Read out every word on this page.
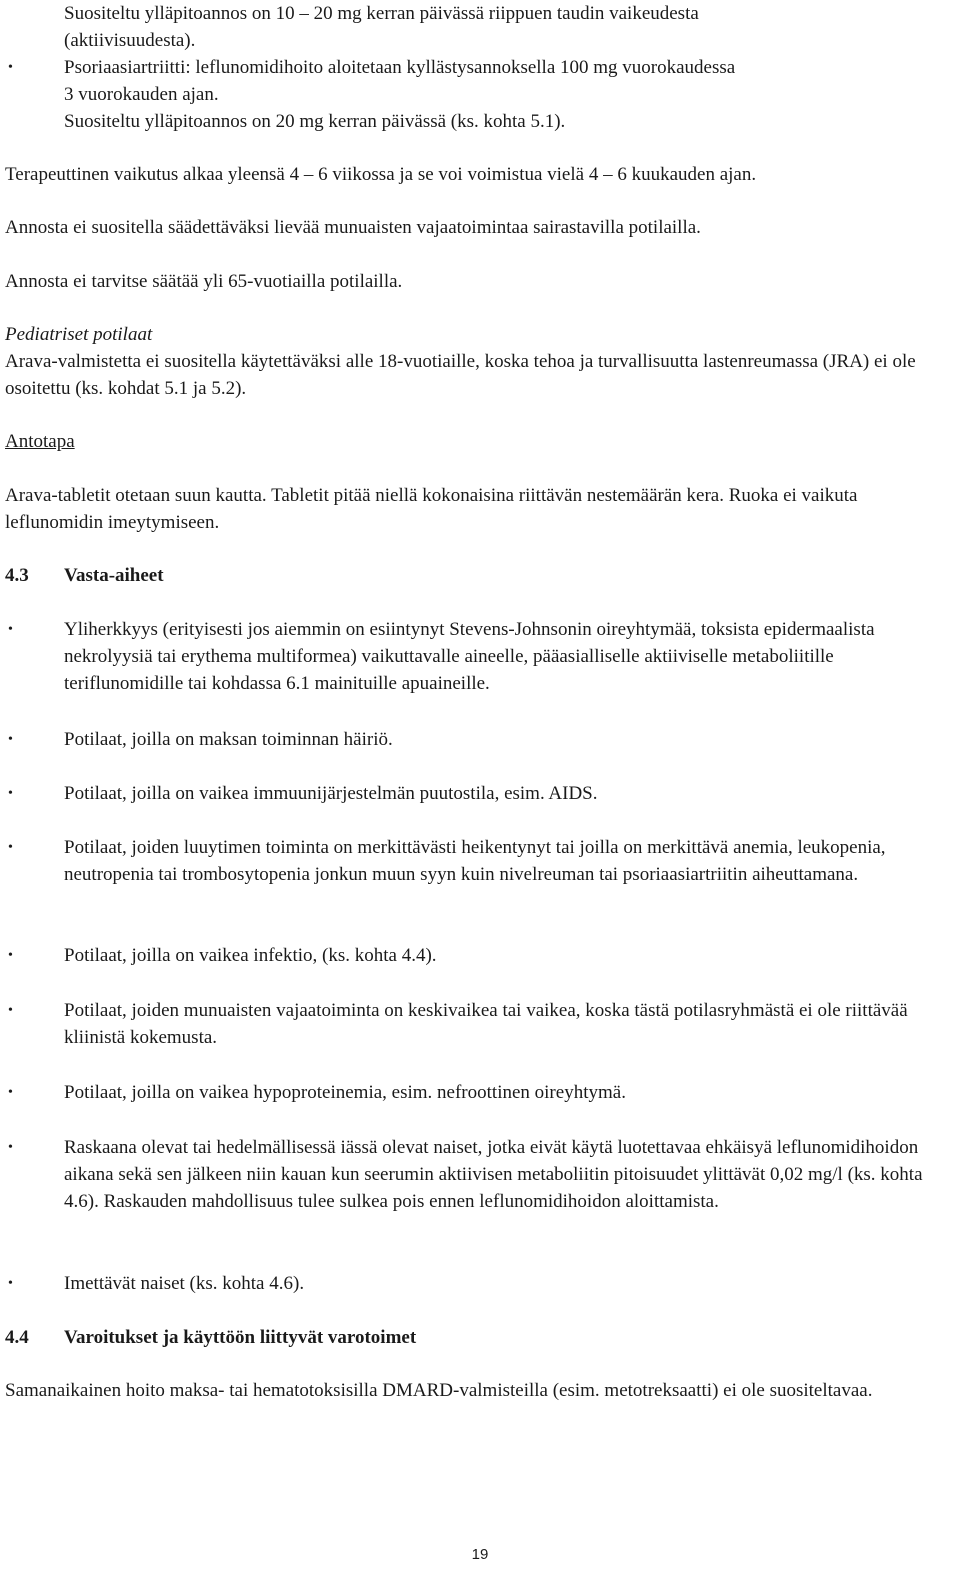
Suositeltu ylläpitoannos on 10 – 20 mg kerran päivässä riippuen taudin vaikeudesta
(aktiivisuudesta).
•	Psoriaasiartriitti: leflunomidihoito aloitetaan kyllästysannoksella 100 mg vuorokaudessa
3 vuorokauden ajan.
Suositeltu ylläpitoannos on 20 mg kerran päivässä (ks. kohta 5.1).
Terapeuttinen vaikutus alkaa yleensä 4 – 6 viikossa ja se voi voimistua vielä 4 – 6 kuukauden ajan.
Annosta ei suositella säädettäväksi lievää munuaisten vajaatoimintaa sairastavilla potilailla.
Annosta ei tarvitse säätää yli 65-vuotiailla potilailla.
Pediatriset potilaat
Arava-valmistetta ei suositella käytettäväksi alle 18-vuotiaille, koska tehoa ja turvallisuutta lastenreumassa (JRA) ei ole osoitettu (ks. kohdat 5.1 ja 5.2).
Antotapa
Arava-tabletit otetaan suun kautta. Tabletit pitää niellä kokonaisina riittävän nestemäärän kera. Ruoka ei vaikuta leflunomidin imeytymiseen.
4.3 Vasta-aiheet
•	Yliherkkyys (erityisesti jos aiemmin on esiintynyt Stevens-Johnsonin oireyhtymää, toksista epidermaalista nekrolyysiä tai erythema multiformea) vaikuttavalle aineelle, pääasialliselle aktiiviselle metaboliitille teriflunomidille tai kohdassa 6.1 mainituille apuaineille.
•	Potilaat, joilla on maksan toiminnan häiriö.
•	Potilaat, joilla on vaikea immuunijärjestelmän puutostila, esim. AIDS.
•	Potilaat, joiden luuytimen toiminta on merkittävästi heikentynyt tai joilla on merkittävä anemia, leukopenia, neutropenia tai trombosytopenia jonkun muun syyn kuin nivelreuman tai psoriaasiartriitin aiheuttamana.
•	Potilaat, joilla on vaikea infektio, (ks. kohta 4.4).
•	Potilaat, joiden munuaisten vajaatoiminta on keskivaikea tai vaikea, koska tästä potilasryhmästä ei ole riittävää kliinistä kokemusta.
•	Potilaat, joilla on vaikea hypoproteinemia, esim. nefroottinen oireyhtymä.
•	Raskaana olevat tai hedelmällisessä iässä olevat naiset, jotka eivät käytä luotettavaa ehkäisyä leflunomidihoidon aikana sekä sen jälkeen niin kauan kun seerumin aktiivisen metaboliitin pitoisuudet ylittävät 0,02 mg/l (ks. kohta 4.6). Raskauden mahdollisuus tulee sulkea pois ennen leflunomidihoidon aloittamista.
•	Imettävät naiset (ks. kohta 4.6).
4.4 Varoitukset ja käyttöön liittyvät varotoimet
Samanaikainen hoito maksa- tai hematotoksisilla DMARD-valmisteilla (esim. metotreksaatti) ei ole suositeltavaa.
19
